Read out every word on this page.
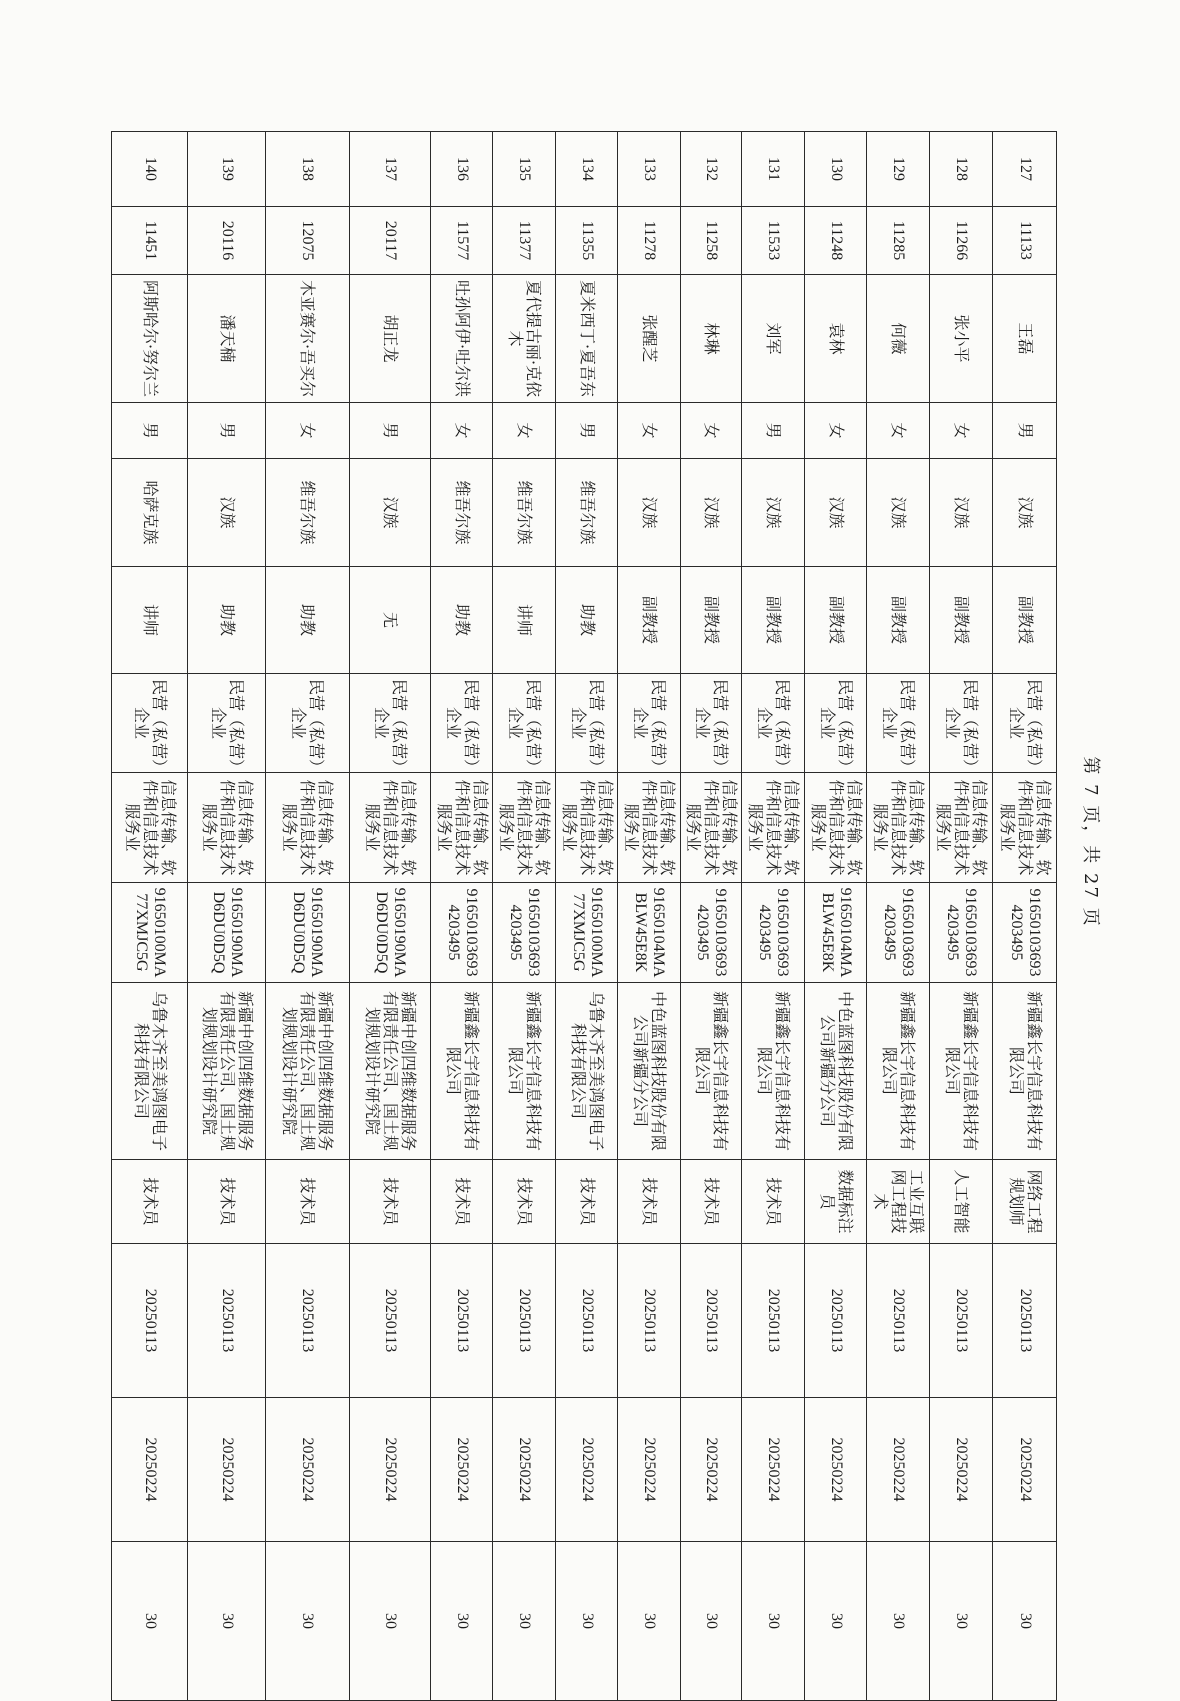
127	11133	王磊	男	汉族	副教授	民营（私营）企业	信息传输、软件和信息技术服务业	916501036934203495	新疆鑫长宇信息科技有限公司	网络工程规划师	20250113	20250224	30
128	11266	张小平	女	汉族	副教授	民营（私营）企业	信息传输、软件和信息技术服务业	916501036934203495	新疆鑫长宇信息科技有限公司	人工智能	20250113	20250224	30
129	11285	何薇	女	汉族	副教授	民营（私营）企业	信息传输、软件和信息技术服务业	916501036934203495	新疆鑫长宇信息科技有限公司	工业互联网工程技术	20250113	20250224	30
130	11248	袁林	女	汉族	副教授	民营（私营）企业	信息传输、软件和信息技术服务业	91650104MABLW45E8K	中色蓝图科技股份有限公司新疆分公司	数据标注员	20250113	20250224	30
131	11533	刘军	男	汉族	副教授	民营（私营）企业	信息传输、软件和信息技术服务业	916501036934203495	新疆鑫长宇信息科技有限公司	技术员	20250113	20250224	30
132	11258	林琳	女	汉族	副教授	民营（私营）企业	信息传输、软件和信息技术服务业	916501036934203495	新疆鑫长宇信息科技有限公司	技术员	20250113	20250224	30
133	11278	张醒芝	女	汉族	副教授	民营（私营）企业	信息传输、软件和信息技术服务业	91650104MABLW45E8K	中色蓝图科技股份有限公司新疆分公司	技术员	20250113	20250224	30
134	11355	夏米西丁·夏吾东	男	维吾尔族	助教	民营（私营）企业	信息传输、软件和信息技术服务业	91650100MA77XMJC5G	乌鲁木齐至美鸿图电子科技有限公司	技术员	20250113	20250224	30
135	11377	夏代提古丽·克依木	女	维吾尔族	讲师	民营（私营）企业	信息传输、软件和信息技术服务业	916501036934203495	新疆鑫长宇信息科技有限公司	技术员	20250113	20250224	30
136	11577	吐孙阿伊·吐尔洪	女	维吾尔族	助教	民营（私营）企业	信息传输、软件和信息技术服务业	916501036934203495	新疆鑫长宇信息科技有限公司	技术员	20250113	20250224	30
137	20117	胡正龙	男	汉族	无	民营（私营）企业	信息传输、软件和信息技术服务业	91650190MAD6DU0D5Q	新疆中创四维数据服务有限责任公司、国土规划规划设计研究院	技术员	20250113	20250224	30
138	12075	木亚赛尔·吾买尔	女	维吾尔族	助教	民营（私营）企业	信息传输、软件和信息技术服务业	91650190MAD6DU0D5Q	新疆中创四维数据服务有限责任公司、国土规划规划设计研究院	技术员	20250113	20250224	30
139	20116	潘天楠	男	汉族	助教	民营（私营）企业	信息传输、软件和信息技术服务业	91650190MAD6DU0D5Q	新疆中创四维数据服务有限责任公司、国土规划规划设计研究院	技术员	20250113	20250224	30
140	11451	阿斯哈尔·努尔兰	男	哈萨克族	讲师	民营（私营）企业	信息传输、软件和信息技术服务业	91650100MA77XMJC5G	乌鲁木齐至美鸿图电子科技有限公司	技术员	20250113	20250224	30
第 7 页，共 27 页
